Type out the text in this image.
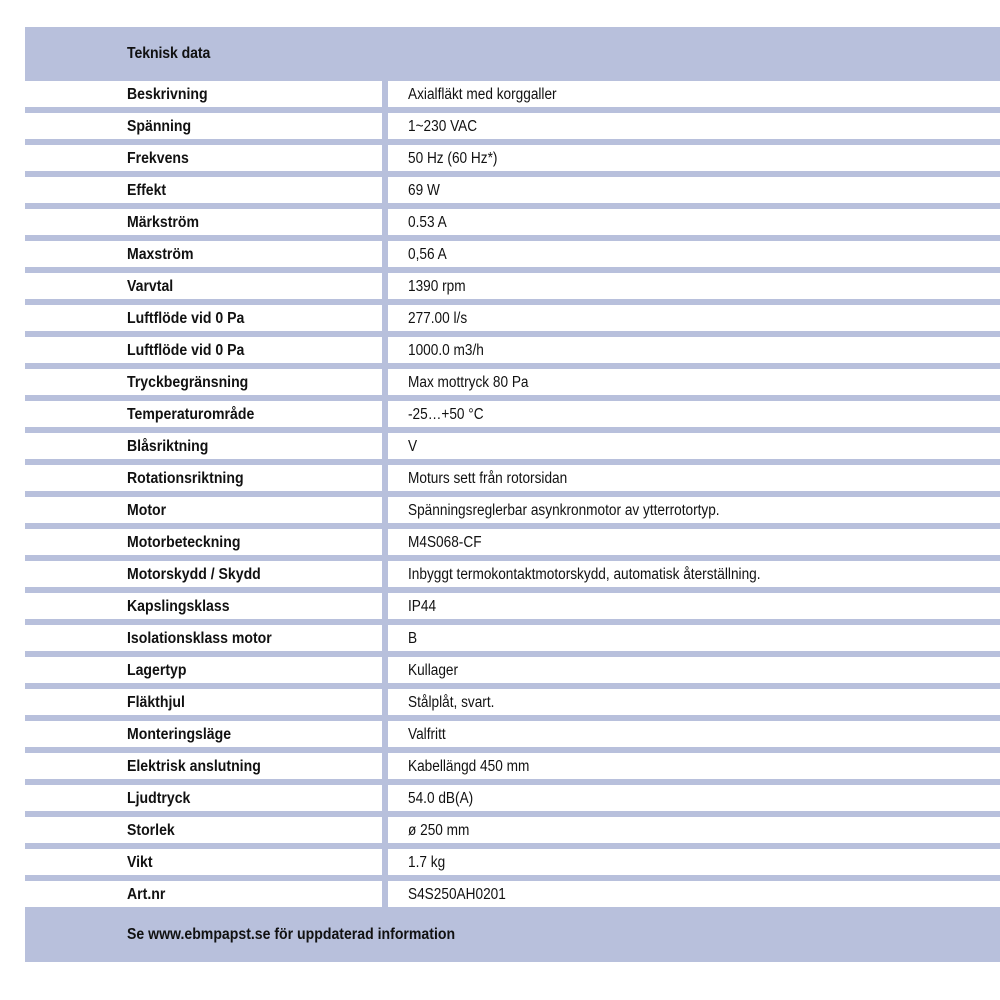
Teknisk data
Beskrivning	Axialfläkt med korggaller
Spänning	1~230 VAC
Frekvens	50 Hz (60 Hz*)
Effekt	69 W
Märkström	0.53 A
Maxström	0,56 A
Varvtal	1390 rpm
Luftflöde vid 0 Pa	277.00 l/s
Luftflöde vid 0 Pa	1000.0 m3/h
Tryckbegränsning	Max mottryck 80 Pa
Temperaturområde	-25…+50 °C
Blåsriktning	V
Rotationsriktning	Moturs sett från rotorsidan
Motor	Spänningsreglerbar asynkronmotor av ytterrotortyp.
Motorbeteckning	M4S068-CF
Motorskydd / Skydd	Inbyggt termokontaktmotorskydd, automatisk återställning.
Kapslingsklass	IP44
Isolationsklass motor	B
Lagertyp	Kullager
Fläkthjul	Stålplåt, svart.
Monteringsläge	Valfritt
Elektrisk anslutning	Kabellängd 450 mm
Ljudtryck	54.0 dB(A)
Storlek	ø 250 mm
Vikt	1.7 kg
Art.nr	S4S250AH0201
Se www.ebmpapst.se för uppdaterad information
